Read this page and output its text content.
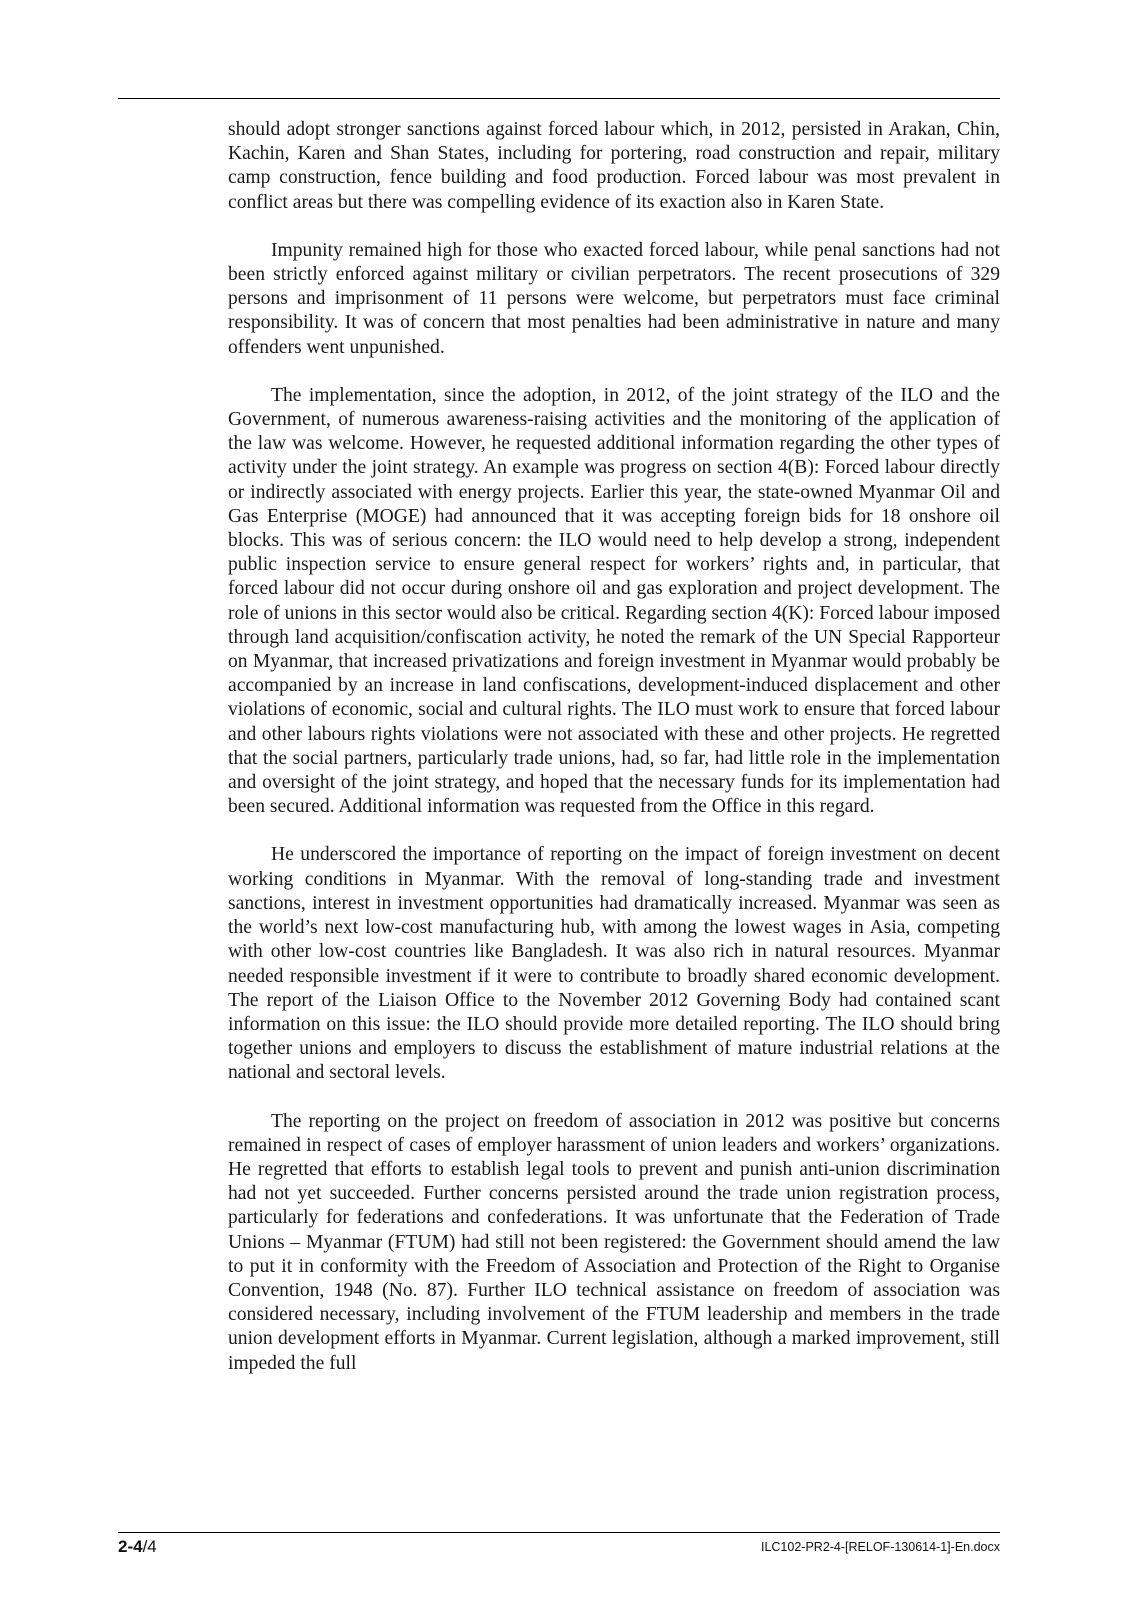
should adopt stronger sanctions against forced labour which, in 2012, persisted in Arakan, Chin, Kachin, Karen and Shan States, including for portering, road construction and repair, military camp construction, fence building and food production. Forced labour was most prevalent in conflict areas but there was compelling evidence of its exaction also in Karen State.

Impunity remained high for those who exacted forced labour, while penal sanctions had not been strictly enforced against military or civilian perpetrators. The recent prosecutions of 329 persons and imprisonment of 11 persons were welcome, but perpetrators must face criminal responsibility. It was of concern that most penalties had been administrative in nature and many offenders went unpunished.

The implementation, since the adoption, in 2012, of the joint strategy of the ILO and the Government, of numerous awareness-raising activities and the monitoring of the application of the law was welcome. However, he requested additional information regarding the other types of activity under the joint strategy. An example was progress on section 4(B): Forced labour directly or indirectly associated with energy projects. Earlier this year, the state-owned Myanmar Oil and Gas Enterprise (MOGE) had announced that it was accepting foreign bids for 18 onshore oil blocks. This was of serious concern: the ILO would need to help develop a strong, independent public inspection service to ensure general respect for workers’ rights and, in particular, that forced labour did not occur during onshore oil and gas exploration and project development. The role of unions in this sector would also be critical. Regarding section 4(K): Forced labour imposed through land acquisition/confiscation activity, he noted the remark of the UN Special Rapporteur on Myanmar, that increased privatizations and foreign investment in Myanmar would probably be accompanied by an increase in land confiscations, development-induced displacement and other violations of economic, social and cultural rights. The ILO must work to ensure that forced labour and other labours rights violations were not associated with these and other projects. He regretted that the social partners, particularly trade unions, had, so far, had little role in the implementation and oversight of the joint strategy, and hoped that the necessary funds for its implementation had been secured. Additional information was requested from the Office in this regard.

He underscored the importance of reporting on the impact of foreign investment on decent working conditions in Myanmar. With the removal of long-standing trade and investment sanctions, interest in investment opportunities had dramatically increased. Myanmar was seen as the world’s next low-cost manufacturing hub, with among the lowest wages in Asia, competing with other low-cost countries like Bangladesh. It was also rich in natural resources. Myanmar needed responsible investment if it were to contribute to broadly shared economic development. The report of the Liaison Office to the November 2012 Governing Body had contained scant information on this issue: the ILO should provide more detailed reporting. The ILO should bring together unions and employers to discuss the establishment of mature industrial relations at the national and sectoral levels.

The reporting on the project on freedom of association in 2012 was positive but concerns remained in respect of cases of employer harassment of union leaders and workers’ organizations. He regretted that efforts to establish legal tools to prevent and punish anti-union discrimination had not yet succeeded. Further concerns persisted around the trade union registration process, particularly for federations and confederations. It was unfortunate that the Federation of Trade Unions – Myanmar (FTUM) had still not been registered: the Government should amend the law to put it in conformity with the Freedom of Association and Protection of the Right to Organise Convention, 1948 (No. 87). Further ILO technical assistance on freedom of association was considered necessary, including involvement of the FTUM leadership and members in the trade union development efforts in Myanmar. Current legislation, although a marked improvement, still impeded the full

2-4/4	ILC102-PR2-4-[RELOF-130614-1]-En.docx
